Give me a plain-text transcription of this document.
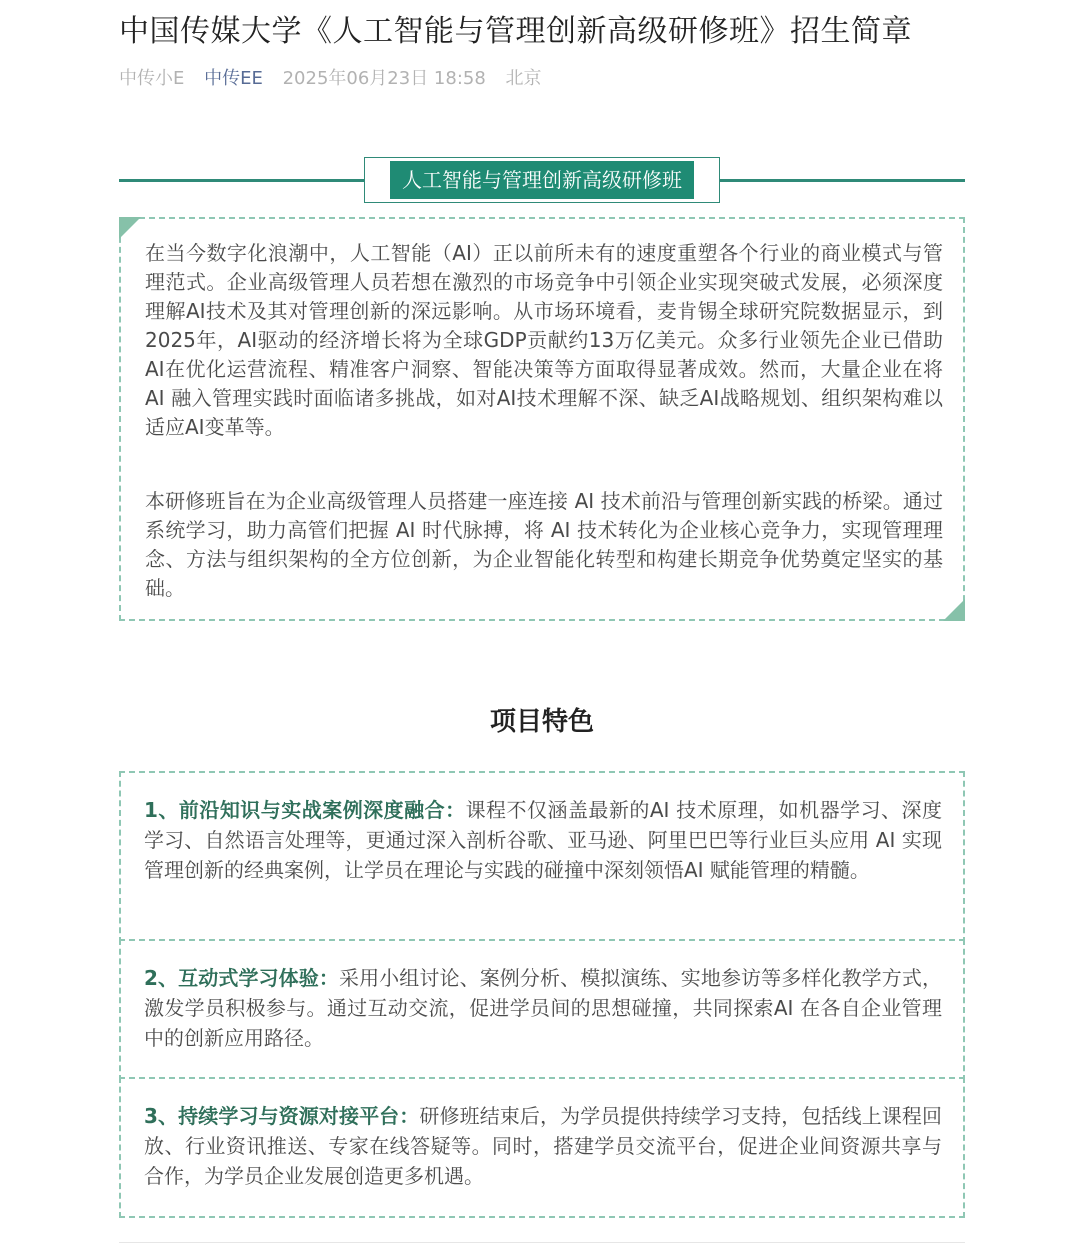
中国传媒大学《人工智能与管理创新高级研修班》招生简章
中传小E 中传EE 2025年06月23日 18:58 北京
人工智能与管理创新高级研修班

在当今数字化浪潮中，人工智能（AI）正以前所未有的速度重塑各个行业的商业模式与管理范式。企业高级管理人员若想在激烈的市场竞争中引领企业实现突破式发展，必须深度理解AI技术及其对管理创新的深远影响。从市场环境看，麦肯锡全球研究院数据显示，到2025年，AI驱动的经济增长将为全球GDP贡献约13万亿美元。众多行业领先企业已借助 AI在优化运营流程、精准客户洞察、智能决策等方面取得显著成效。然而，大量企业在将 AI 融入管理实践时面临诸多挑战，如对AI技术理解不深、缺乏AI战略规划、组织架构难以适应AI变革等。

本研修班旨在为企业高级管理人员搭建一座连接 AI 技术前沿与管理创新实践的桥梁。通过系统学习，助力高管们把握 AI 时代脉搏，将 AI 技术转化为企业核心竞争力，实现管理理念、方法与组织架构的全方位创新，为企业智能化转型和构建长期竞争优势奠定坚实的基础。

项目特色

1、前沿知识与实战案例深度融合：课程不仅涵盖最新的AI 技术原理，如机器学习、深度学习、自然语言处理等，更通过深入剖析谷歌、亚马逊、阿里巴巴等行业巨头应用 AI 实现管理创新的经典案例，让学员在理论与实践的碰撞中深刻领悟AI 赋能管理的精髓。

2、互动式学习体验：采用小组讨论、案例分析、模拟演练、实地参访等多样化教学方式，激发学员积极参与。通过互动交流，促进学员间的思想碰撞，共同探索AI 在各自企业管理中的创新应用路径。

3、持续学习与资源对接平台：研修班结束后，为学员提供持续学习支持，包括线上课程回放、行业资讯推送、专家在线答疑等。同时，搭建学员交流平台，促进企业间资源共享与合作，为学员企业发展创造更多机遇。
